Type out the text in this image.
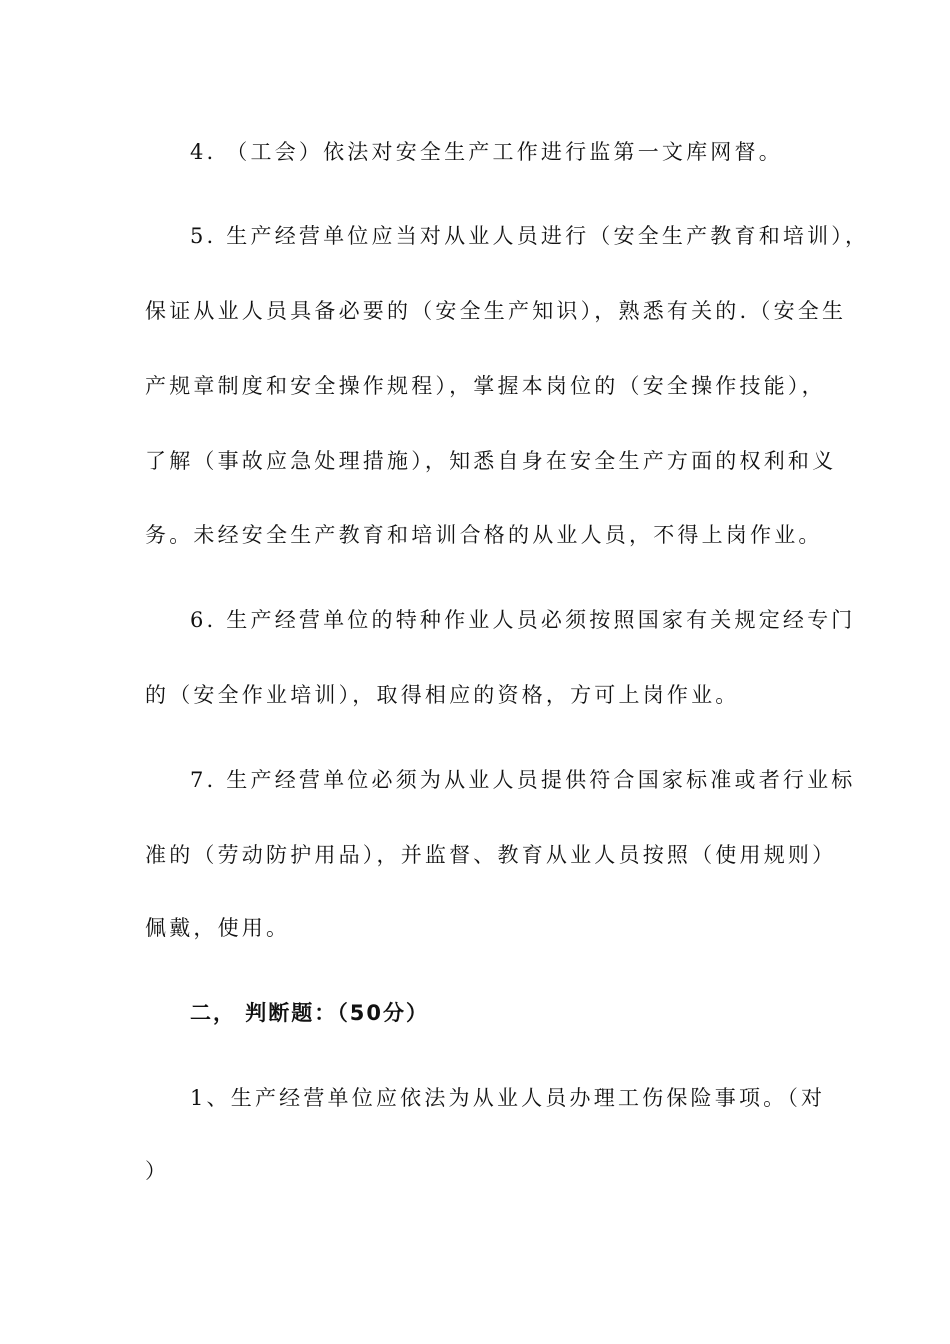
4. （工会）依法对安全生产工作进行监第一文库网督。
5. 生产经营单位应当对从业人员进行（安全生产教育和培训），
保证从业人员具备必要的（安全生产知识），熟悉有关的.（安全生
产规章制度和安全操作规程），掌握本岗位的（安全操作技能），
了解（事故应急处理措施），知悉自身在安全生产方面的权利和义
务。未经安全生产教育和培训合格的从业人员，不得上岗作业。
6. 生产经营单位的特种作业人员必须按照国家有关规定经专门
的（安全作业培训），取得相应的资格，方可上岗作业。
7. 生产经营单位必须为从业人员提供符合国家标准或者行业标
准的（劳动防护用品），并监督、教育从业人员按照（使用规则）
佩戴，使用。
二， 判断题：（50分）
1、生产经营单位应依法为从业人员办理工伤保险事项。（对
）
